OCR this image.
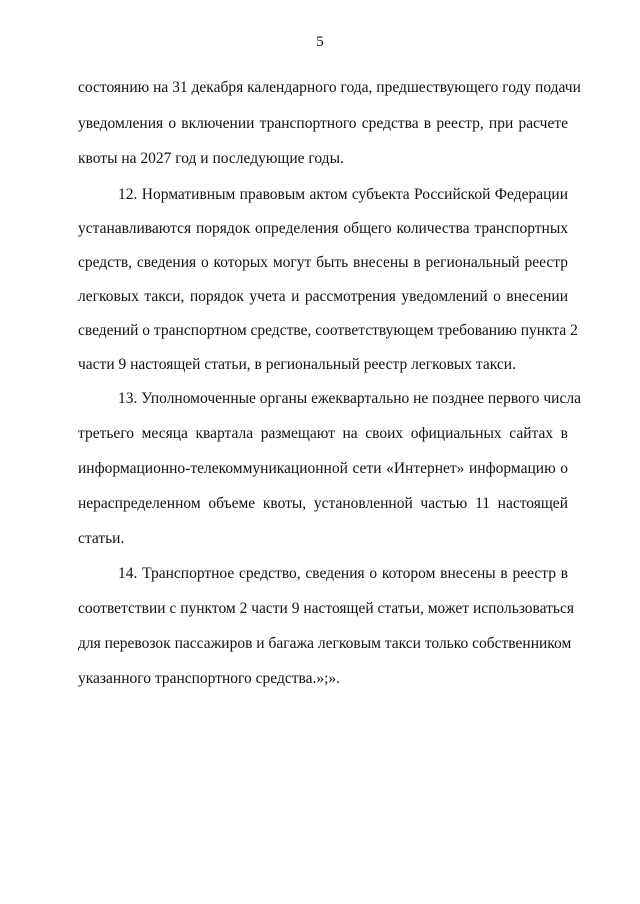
5
состоянию на 31 декабря календарного года, предшествующего году подачи
уведомления о включении транспортного средства в реестр, при расчете
квоты на 2027 год и последующие годы.
12. Нормативным правовым актом субъекта Российской Федерации
устанавливаются порядок определения общего количества транспортных
средств, сведения о которых могут быть внесены в региональный реестр
легковых такси, порядок учета и рассмотрения уведомлений о внесении
сведений о транспортном средстве, соответствующем требованию пункта 2
части 9 настоящей статьи, в региональный реестр легковых такси.
13. Уполномоченные органы ежеквартально не позднее первого числа
третьего месяца квартала размещают на своих официальных сайтах в
информационно-телекоммуникационной сети «Интернет» информацию о
нераспределенном объеме квоты, установленной частью 11 настоящей
статьи.
14. Транспортное средство, сведения о котором внесены в реестр в
соответствии с пунктом 2 части 9 настоящей статьи, может использоваться
для перевозок пассажиров и багажа легковым такси только собственником
указанного транспортного средства.»;».
